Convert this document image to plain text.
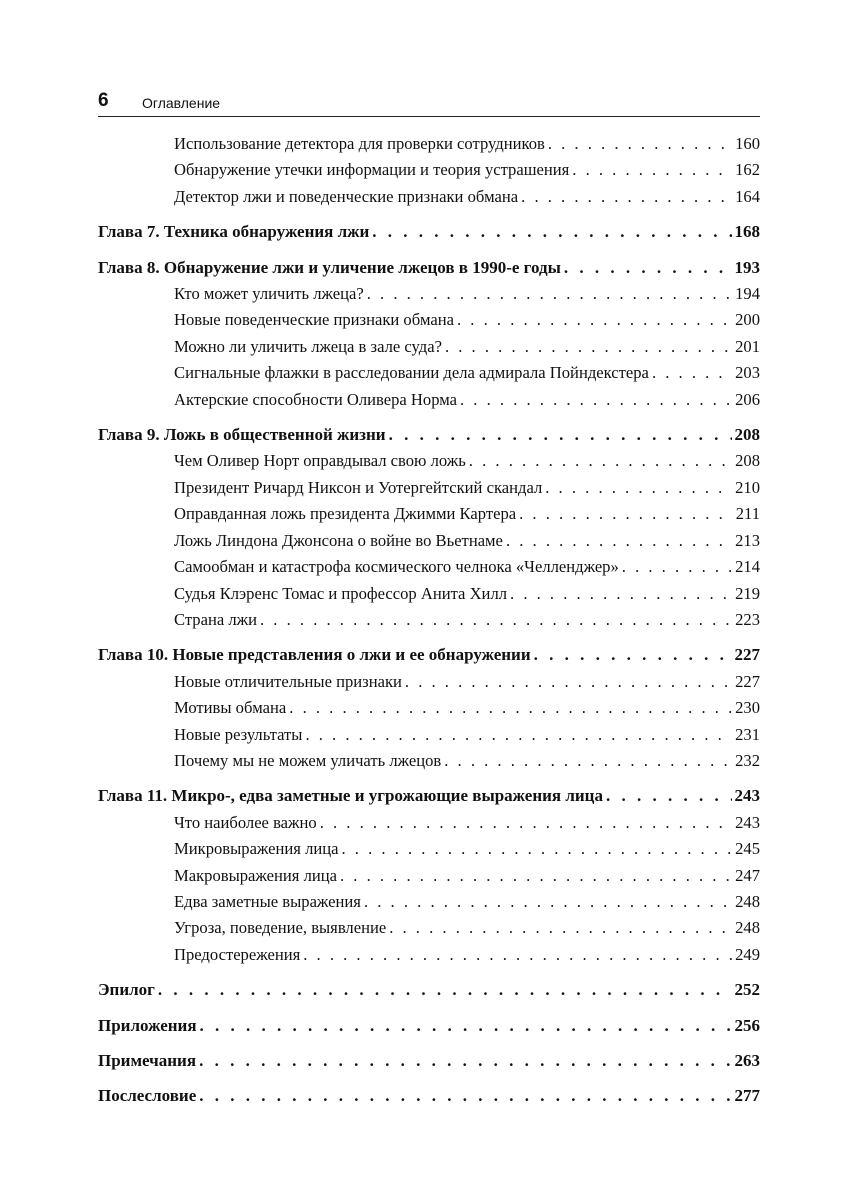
6 Оглавление
Использование детектора для проверки сотрудников . . .	160
Обнаружение утечки информации и теория устрашения . . .	162
Детектор лжи и поведенческие признаки обмана . . .	164
Глава 7. Техника обнаружения лжи . . .	168
Глава 8. Обнаружение лжи и уличение лжецов в 1990-е годы . . .	193
Кто может уличить лжеца? . . .	194
Новые поведенческие признаки обмана . . .	200
Можно ли уличить лжеца в зале суда? . . .	201
Сигнальные флажки в расследовании дела адмирала Пойндекстера . . .	203
Актерские способности Оливера Норма . . .	206
Глава 9. Ложь в общественной жизни . . .	208
Чем Оливер Норт оправдывал свою ложь . . .	208
Президент Ричард Никсон и Уотергейтский скандал . . .	210
Оправданная ложь президента Джимми Картера . . .	211
Ложь Линдона Джонсона о войне во Вьетнаме . . .	213
Самообман и катастрофа космического челнока «Челленджер» . . .	214
Судья Клэренс Томас и профессор Анита Хилл . . .	219
Страна лжи . . .	223
Глава 10. Новые представления о лжи и ее обнаружении . . .	227
Новые отличительные признаки . . .	227
Мотивы обмана . . .	230
Новые результаты . . .	231
Почему мы не можем уличать лжецов . . .	232
Глава 11. Микро-, едва заметные и угрожающие выражения лица . . .	243
Что наиболее важно . . .	243
Микровыражения лица . . .	245
Макровыражения лица . . .	247
Едва заметные выражения . . .	248
Угроза, поведение, выявление . . .	248
Предостережения . . .	249
Эпилог . . .	252
Приложения . . .	256
Примечания . . .	263
Послесловие . . .	277
